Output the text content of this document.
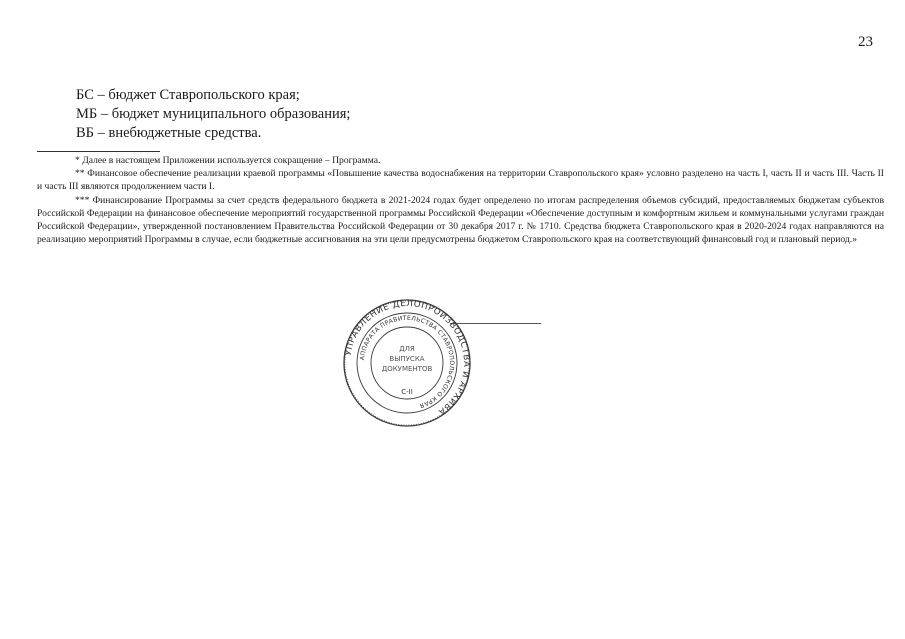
23
БС – бюджет Ставропольского края;
МБ – бюджет муниципального образования;
ВБ – внебюджетные средства.

* Далее в настоящем Приложении используется сокращение – Программа.

** Финансовое обеспечение реализации краевой программы «Повышение качества водоснабжения на территории Ставропольского края» условно разделено на часть I, часть II и часть III. Часть II и часть III являются продолжением части I.

*** Финансирование Программы за счет средств федерального бюджета в 2021-2024 годах будет определено по итогам распределения объемов субсидий, предоставляемых бюджетам субъектов Российской Федерации на финансовое обеспечение мероприятий государственной программы Российской Федерации «Обеспечение доступным и комфортным жильем и коммунальными услугами граждан Российской Федерации», утвержденной постановлением Правительства Российской Федерации от 30 декабря 2017 г. № 1710. Средства бюджета Ставропольского края в 2020-2024 годах направляются на реализацию мероприятий Программы в случае, если бюджетные ассигнования на эти цели предусмотрены бюджетом Ставропольского края на соответствующий финансовый год и плановый период.»

УПРАВЛЕНИЕ ДЕЛОПРОИЗВОДСТВА И АРХИВА
АППАРАТА ПРАВИТЕЛЬСТВА СТАВРОПОЛЬСКОГО КРАЯ
ДЛЯ
ВЫПУСКА
ДОКУМЕНТОВ
С-II
